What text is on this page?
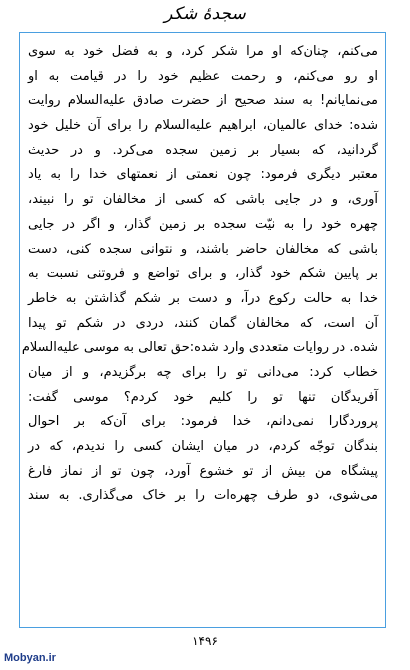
سجدهٔ شکر
می‌کنم، چنان‌که او مرا شکر کرد، و به فضل خود به سوی
او رو می‌کنم، و رحمت عظیم خود را در قیامت به او
می‌نمایانم! به سند صحیح از حضرت صادق علیه‌السلام روایت
شده: خدای عالمیان، ابراهیم علیه‌السلام را برای آن خلیل خود
گردانید، که بسیار بر زمین سجده می‌کرد. و در حدیث
معتبر دیگری فرمود: چون نعمتی از نعمتهای خدا را به یاد
آوری، و در جایی باشی که کسی از مخالفان تو را نبیند،
چهره خود را به نیّت سجده بر زمین گذار، و اگر در جایی
باشی که مخالفان حاضر باشند، و نتوانی سجده کنی، دست
بر پایین شکم خود گذار، و برای تواضع و فروتنی نسبت به
خدا به حالت رکوع درآ، و دست بر شکم گذاشتن به خاطر
آن است، که مخالفان گمان کنند، دردی در شکم تو پیدا
شده. در روایات متعددی وارد شده:حق تعالی به موسی علیه‌السلام
خطاب کرد: می‌دانی تو را برای چه برگزیدم، و از میان
آفریدگان تنها تو را کلیم خود کردم؟ موسی گفت:
پروردگارا نمی‌دانم، خدا فرمود: برای آن‌که بر احوال
بندگان توجّه کردم، در میان ایشان کسی را ندیدم، که در
پیشگاه من بیش از تو خشوع آورد، چون تو از نماز فارغ
می‌شوی، دو طرف چهره‌ات را بر خاک می‌گذاری. به سند
۱۴۹۶
Mobyan.ir
